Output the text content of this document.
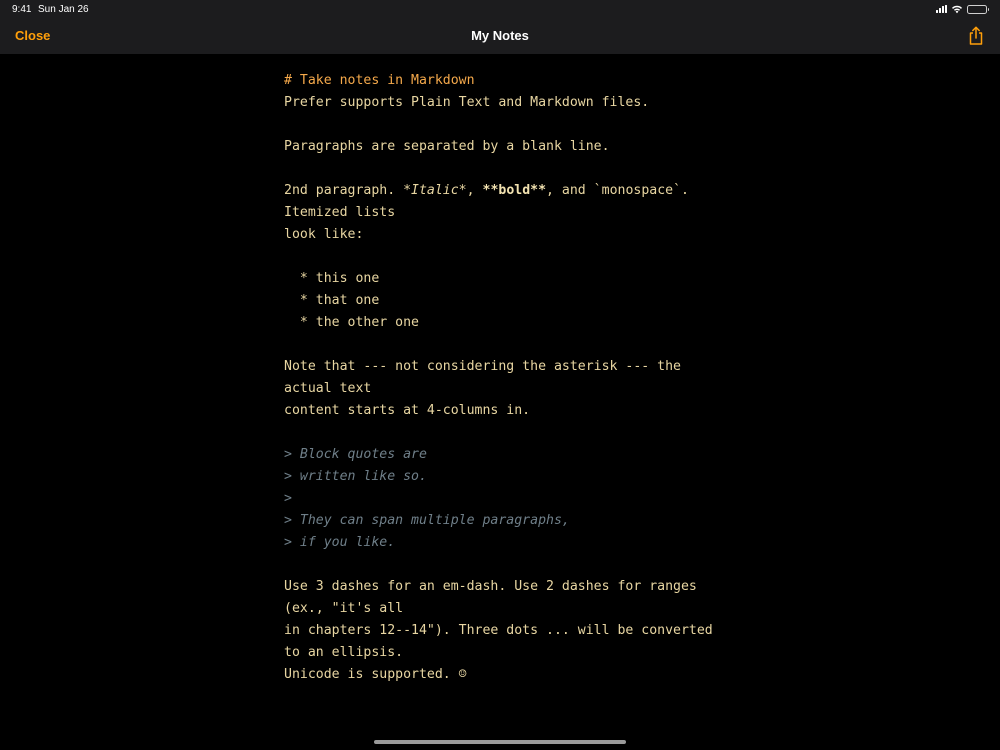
9:41 Sun Jan 26
Close	My Notes
# Take notes in Markdown
Prefer supports Plain Text and Markdown files.
Paragraphs are separated by a blank line.
2nd paragraph. *Italic*, **bold**, and `monospace`.
Itemized lists
look like:
* this one
* that one
* the other one
Note that --- not considering the asterisk --- the
actual text
content starts at 4-columns in.
> Block quotes are
> written like so.
>
> They can span multiple paragraphs,
> if you like.
Use 3 dashes for an em-dash. Use 2 dashes for ranges
(ex., "it's all
in chapters 12--14"). Three dots ... will be converted
to an ellipsis.
Unicode is supported. ☺
